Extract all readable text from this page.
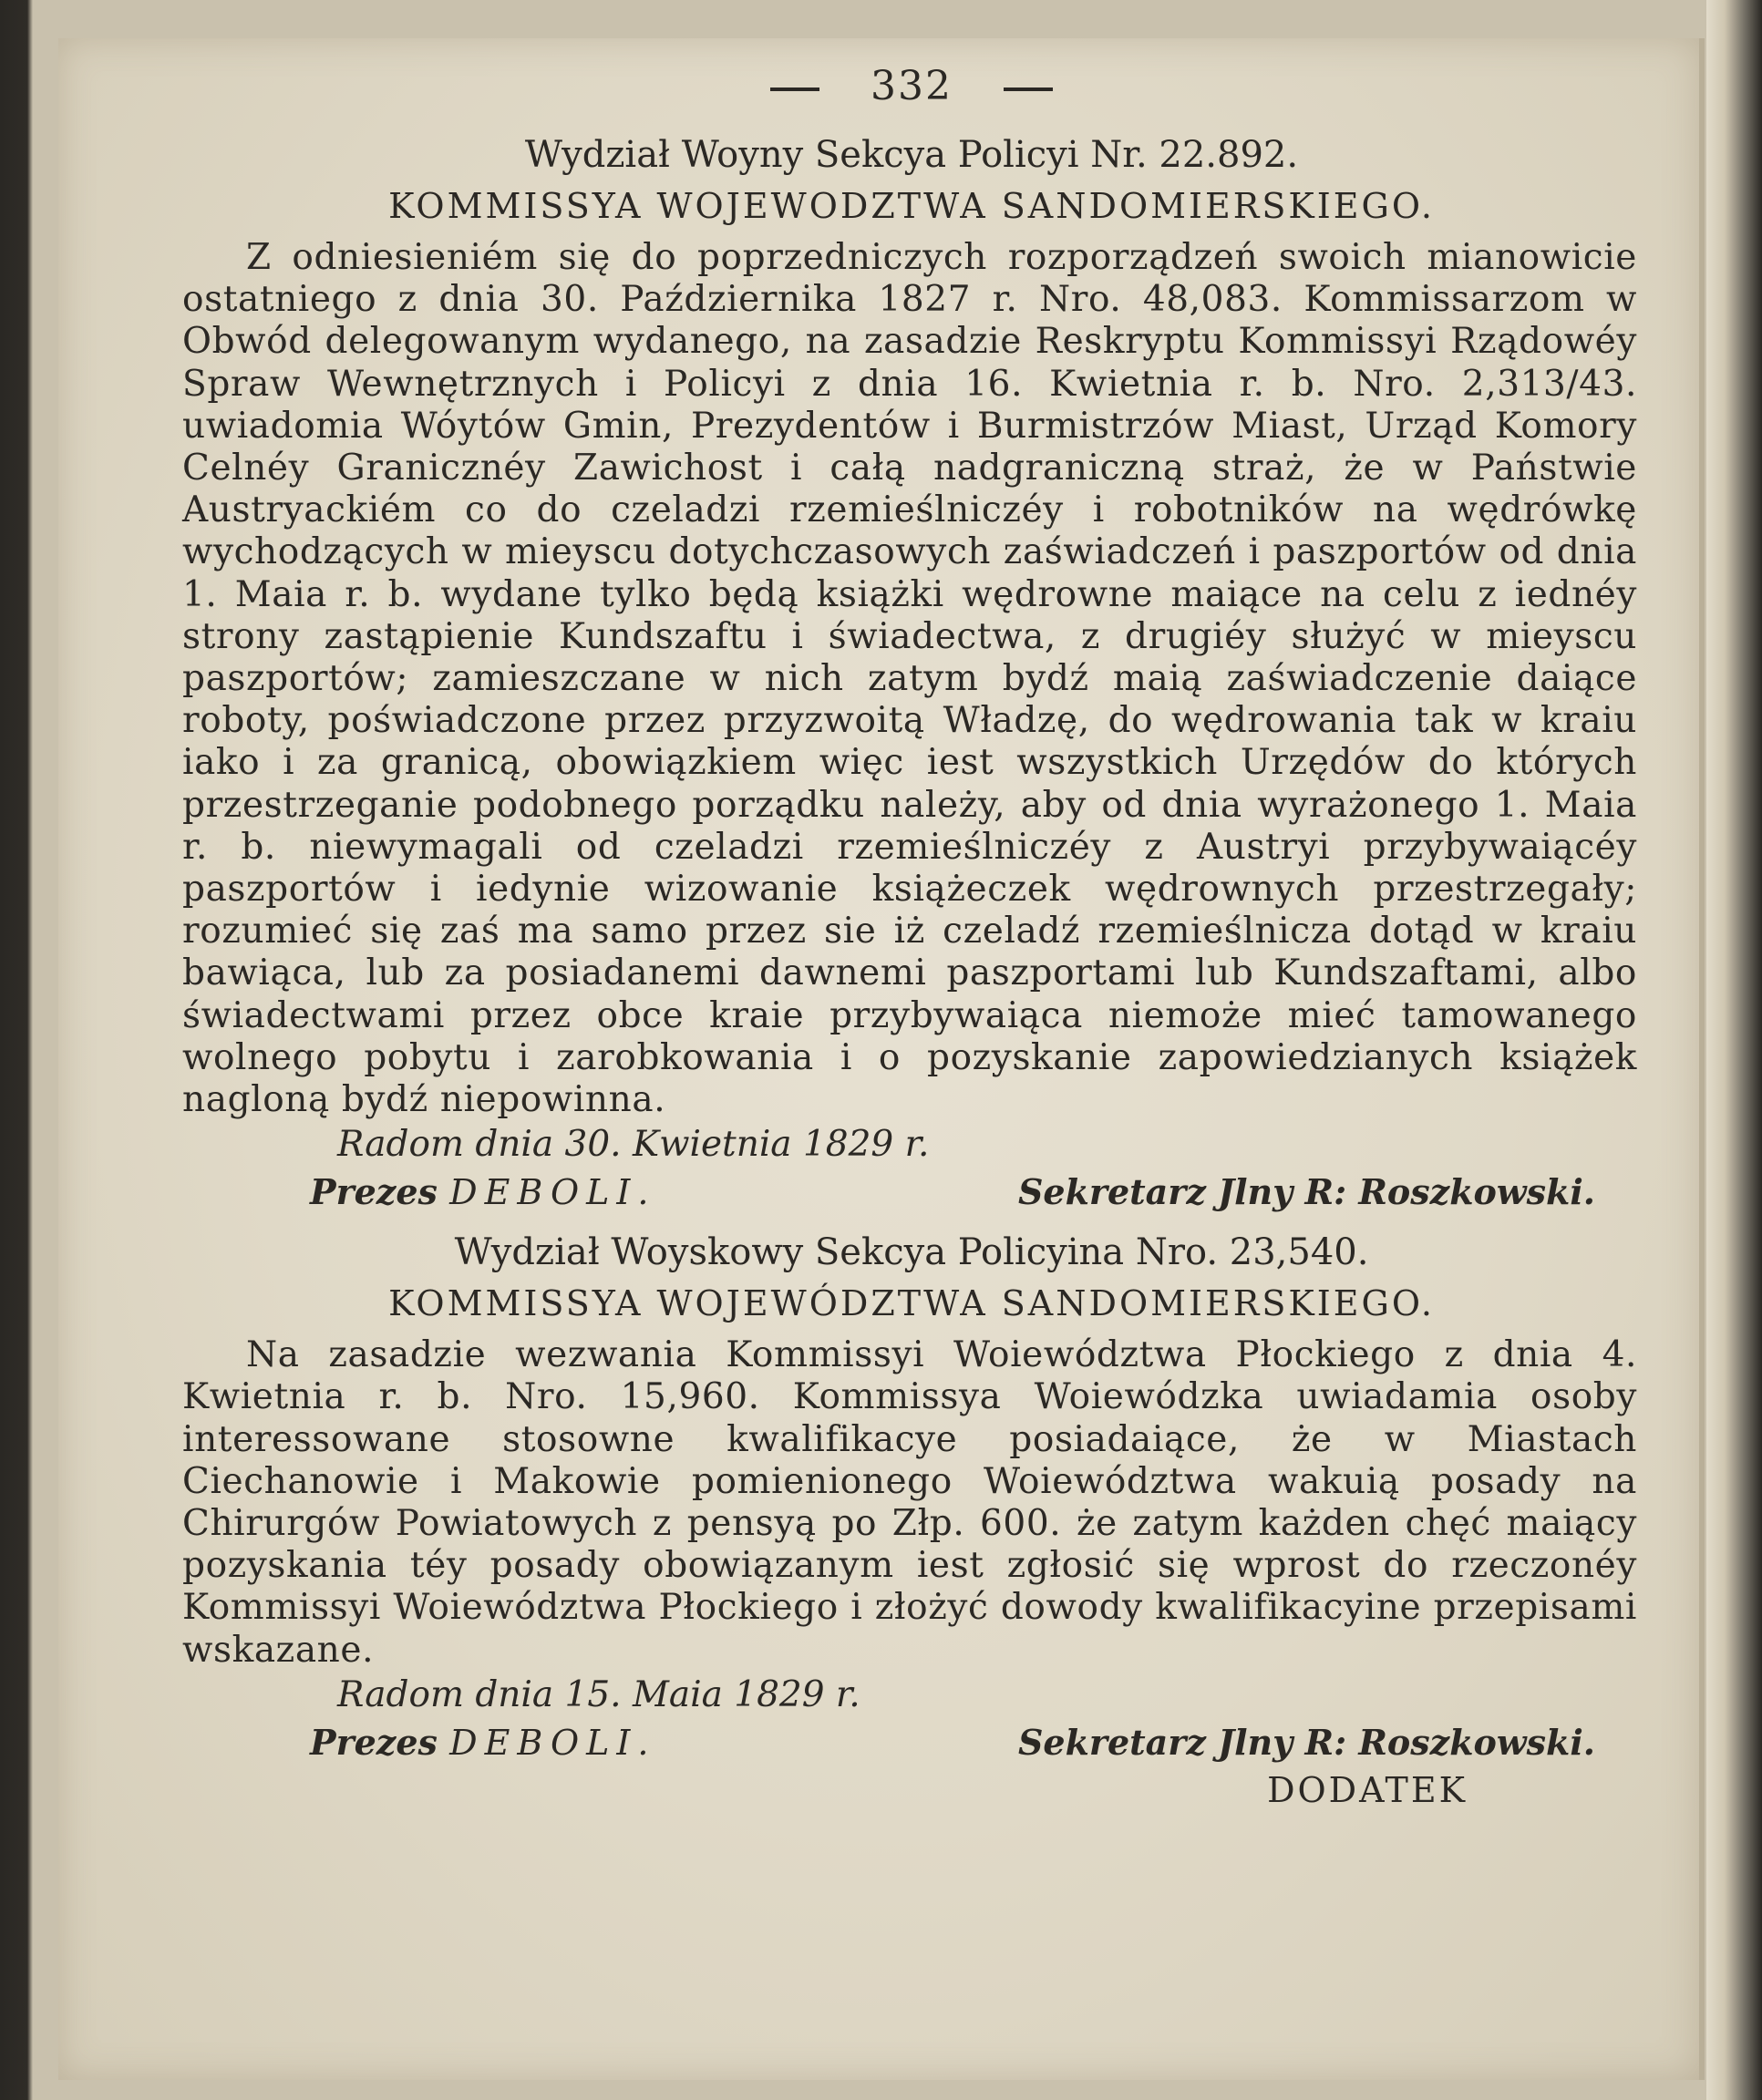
332
Wydział Woyny Sekcya Policyi Nr. 22.892.
KOMMISSYA WOJEWODZTWA SANDOMIERSKIEGO.
Z odniesieniém się do poprzedniczych rozporządzeń swoich mianowicie ostatniego z dnia 30. Października 1827 r. Nro. 48,083. Kommissarzom w Obwód delegowanym wydanego, na zasadzie Reskryptu Kommissyi Rządowéy Spraw Wewnętrznych i Policyi z dnia 16. Kwietnia r. b. Nro. 2,313/43. uwiadomia Wóytów Gmin, Prezydentów i Burmistrzów Miast, Urząd Komory Celnéy Granicznéy Zawichost i całą nadgraniczną straż, że w Państwie Austryackiém co do czeladzi rzemieślniczéy i robotników na wędrówkę wychodzących w mieyscu dotychczasowych zaświadczeń i paszportów od dnia 1. Maia r. b. wydane tylko będą książki wędrowne maiące na celu z iednéy strony zastąpienie Kundszaftu i świadectwa, z drugiéy służyć w mieyscu paszportów; zamieszczane w nich zatym bydź maią zaświadczenie daiące roboty, poświadczone przez przyzwoitą Władzę, do wędrowania tak w kraiu iako i za granicą, obowiązkiem więc iest wszystkich Urzędów do których przestrzeganie podobnego porządku należy, aby od dnia wyrażonego 1. Maia r. b. niewymagali od czeladzi rzemieślniczéy z Austryi przybywaiącéy paszportów i iedynie wizowanie książeczek wędrownych przestrzegały; rozumieć się zaś ma samo przez sie iż czeladź rzemieślnicza dotąd w kraiu bawiąca, lub za posiadanemi dawnemi paszportami lub Kundszaftami, albo świadectwami przez obce kraie przybywaiąca niemoże mieć tamowanego wolnego pobytu i zarobkowania i o pozyskanie zapowiedzianych książek nagloną bydź niepowinna.
Radom dnia 30. Kwietnia 1829 r.
Prezes DEBOLI.	Sekretarz Jlny R: Roszkowski.
Wydział Woyskowy Sekcya Policyina Nro. 23,540.
KOMMISSYA WOJEWÓDZTWA SANDOMIERSKIEGO.
Na zasadzie wezwania Kommissyi Woiewództwa Płockiego z dnia 4. Kwietnia r. b. Nro. 15,960. Kommissya Woiewódzka uwiadamia osoby interessowane stosowne kwalifikacye posiadaiące, że w Miastach Ciechanowie i Makowie pomienionego Woiewództwa wakuią posady na Chirurgów Powiatowych z pensyą po Złp. 600. że zatym każden chęć maiący pozyskania téy posady obowiązanym iest zgłosić się wprost do rzeczonéy Kommissyi Woiewództwa Płockiego i złożyć dowody kwalifikacyine przepisami wskazane.
Radom dnia 15. Maia 1829 r.
Prezes DEBOLI.	Sekretarz Jlny R: Roszkowski.
DODATEK
